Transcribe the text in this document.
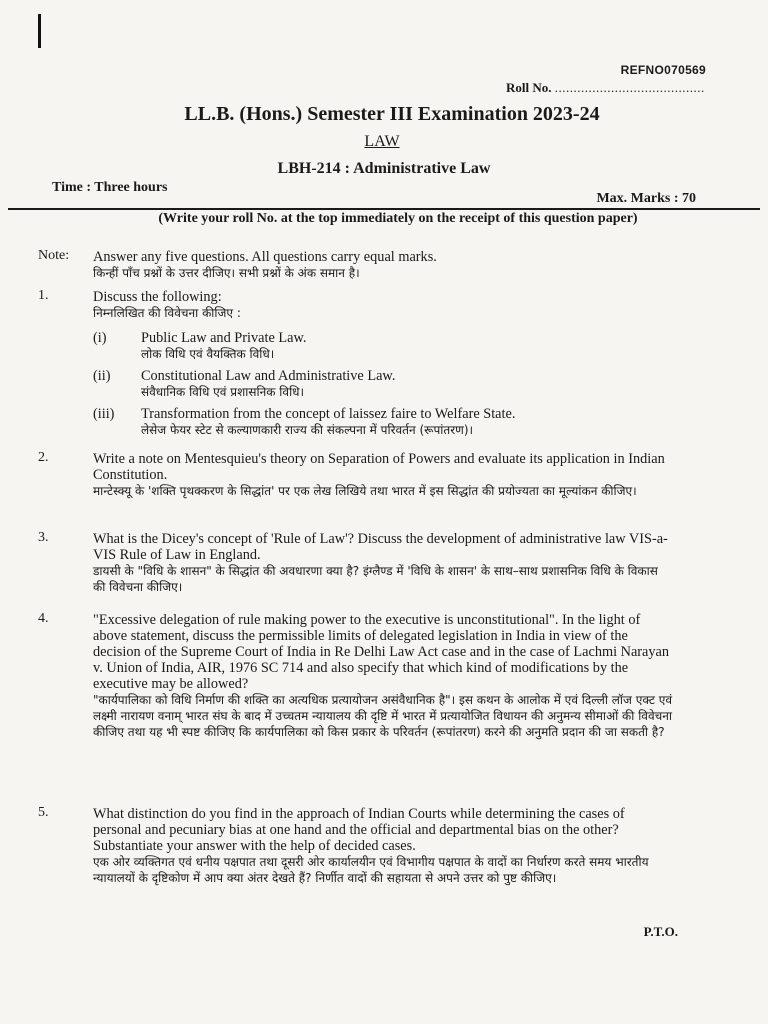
REFNO070569
Roll No. ........................................
LL.B. (Hons.) Semester III Examination 2023-24
LAW
LBH-214 : Administrative Law
Time : Three hours
Max. Marks : 70
(Write your roll No. at the top immediately on the receipt of this question paper)
Note: Answer any five questions. All questions carry equal marks.
किन्हीं पाँच प्रश्नों के उत्तर दीजिए। सभी प्रश्नों के अंक समान है।
1.	Discuss the following:
निम्नलिखित की विवेचना कीजिए :
(i) Public Law and Private Law.
लोक विधि एवं वैयक्तिक विधि।
(ii) Constitutional Law and Administrative Law.
संवैधानिक विधि एवं प्रशासनिक विधि।
(iii) Transformation from the concept of laissez faire to Welfare State.
लेसेज फेयर स्टेट से कल्याणकारी राज्य की संकल्पना में परिवर्तन (रूपांतरण)।
2.	Write a note on Mentesquieu's theory on Separation of Powers and evaluate its application in Indian Constitution.
मान्टेस्क्यू के 'शक्ति पृथक्करण के सिद्धांत' पर एक लेख लिखिये तथा भारत में इस सिद्धांत की प्रयोज्यता का मूल्यांकन कीजिए।
3.	What is the Dicey's concept of 'Rule of Law'? Discuss the development of administrative law VIS-a-VIS Rule of Law in England.
डायसी के "विधि के शासन" के सिद्धांत की अवधारणा क्या है? इंग्लैण्ड में 'विधि के शासन' के साथ–साथ प्रशासनिक विधि के विकास की विवेचना कीजिए।
4.	"Excessive delegation of rule making power to the executive is unconstitutional". In the light of above statement, discuss the permissible limits of delegated legislation in India in view of the decision of the Supreme Court of India in Re Delhi Law Act case and in the case of Lachmi Narayan v. Union of India, AIR, 1976 SC 714 and also specify that which kind of modifications by the executive may be allowed?
"कार्यपालिका को विधि निर्माण की शक्ति का अत्यधिक प्रत्यायोजन असंवैधानिक है"। इस कथन के आलोक में एवं दिल्ली लॉज एक्ट एवं लक्ष्मी नारायण वनाम् भारत संघ के बाद में उच्चतम न्यायालय की दृष्टि में भारत में प्रत्यायोजित विधायन की अनुमन्य सीमाओं की विवेचना कीजिए तथा यह भी स्पष्ट कीजिए कि कार्यपालिका को किस प्रकार के परिवर्तन (रूपांतरण) करने की अनुमति प्रदान की जा सकती है?
5.	What distinction do you find in the approach of Indian Courts while determining the cases of personal and pecuniary bias at one hand and the official and departmental bias on the other? Substantiate your answer with the help of decided cases.
एक ओर व्यक्तिगत एवं धनीय पक्षपात तथा दूसरी ओर कार्यालयीन एवं विभागीय पक्षपात के वादों का निर्धारण करते समय भारतीय न्यायालयों के दृष्टिकोण में आप क्या अंतर देखते हैं? निर्णीत वादों की सहायता से अपने उत्तर को पुष्ट कीजिए।
P.T.O.
